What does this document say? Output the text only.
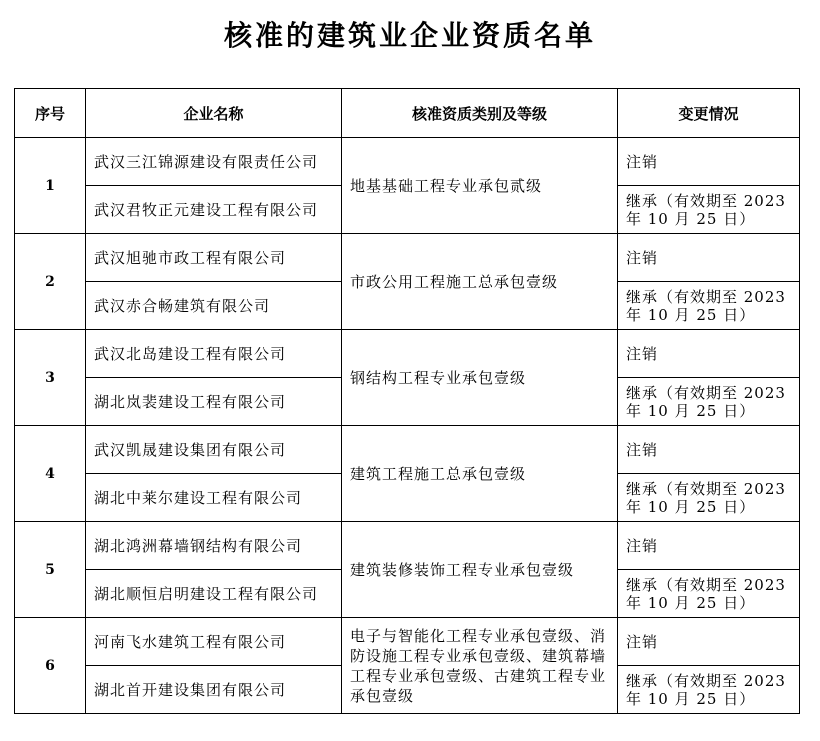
核准的建筑业企业资质名单
序号	企业名称	核准资质类别及等级	变更情况
1	武汉三江锦源建设有限责任公司	地基基础工程专业承包贰级	注销
	武汉君牧正元建设工程有限公司		继承（有效期至 2023 年 10 月 25 日）
2	武汉旭驰市政工程有限公司	市政公用工程施工总承包壹级	注销
	武汉赤合畅建筑有限公司		继承（有效期至 2023 年 10 月 25 日）
3	武汉北岛建设工程有限公司	钢结构工程专业承包壹级	注销
	湖北岚裴建设工程有限公司		继承（有效期至 2023 年 10 月 25 日）
4	武汉凯晟建设集团有限公司	建筑工程施工总承包壹级	注销
	湖北中莱尔建设工程有限公司		继承（有效期至 2023 年 10 月 25 日）
5	湖北鸿洲幕墙钢结构有限公司	建筑装修装饰工程专业承包壹级	注销
	湖北顺恒启明建设工程有限公司		继承（有效期至 2023 年 10 月 25 日）
6	河南飞水建筑工程有限公司	电子与智能化工程专业承包壹级、消防设施工程专业承包壹级、建筑幕墙工程专业承包壹级、古建筑工程专业承包壹级	注销
	湖北首开建设集团有限公司		继承（有效期至 2023 年 10 月 25 日）
